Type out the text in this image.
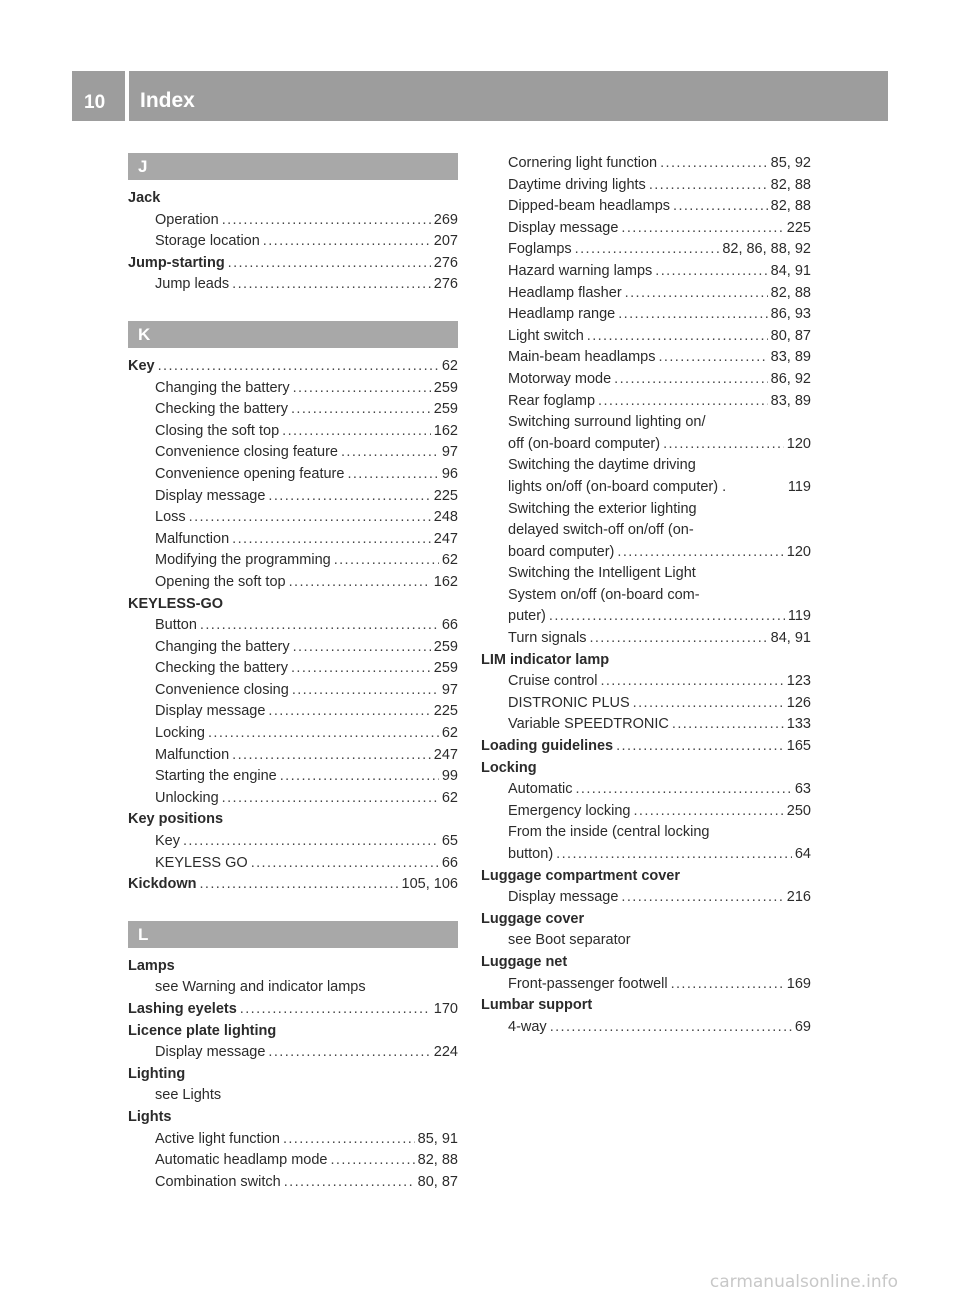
10 Index
J
Jack
Operation .....	269
Storage location .....	207
Jump-starting .....	276
Jump leads .....	276
K
Key .....	62
Changing the battery .....	259
Checking the battery .....	259
Closing the soft top .....	162
Convenience closing feature .....	97
Convenience opening feature .....	96
Display message .....	225
Loss .....	248
Malfunction .....	247
Modifying the programming .....	62
Opening the soft top .....	162
KEYLESS-GO
Button .....	66
Changing the battery .....	259
Checking the battery .....	259
Convenience closing .....	97
Display message .....	225
Locking .....	62
Malfunction .....	247
Starting the engine .....	99
Unlocking .....	62
Key positions
Key .....	65
KEYLESS GO .....	66
Kickdown .....	105, 106
L
Lamps
see Warning and indicator lamps
Lashing eyelets .....	170
Licence plate lighting
Display message .....	224
Lighting
see Lights
Lights
Active light function .....	85, 91
Automatic headlamp mode .....	82, 88
Combination switch .....	80, 87
Cornering light function .....	85, 92
Daytime driving lights .....	82, 88
Dipped-beam headlamps .....	82, 88
Display message .....	225
Foglamps .....	82, 86, 88, 92
Hazard warning lamps .....	84, 91
Headlamp flasher .....	82, 88
Headlamp range .....	86, 93
Light switch .....	80, 87
Main-beam headlamps .....	83, 89
Motorway mode .....	86, 92
Rear foglamp .....	83, 89
Switching surround lighting on/
off (on-board computer) .....	120
Switching the daytime driving
lights on/off (on-board computer) .	119
Switching the exterior lighting
delayed switch-off on/off (on-
board computer) .....	120
Switching the Intelligent Light
System on/off (on-board com-
puter) .....	119
Turn signals .....	84, 91
LIM indicator lamp
Cruise control .....	123
DISTRONIC PLUS .....	126
Variable SPEEDTRONIC .....	133
Loading guidelines .....	165
Locking
Automatic .....	63
Emergency locking .....	250
From the inside (central locking
button) .....	64
Luggage compartment cover
Display message .....	216
Luggage cover
see Boot separator
Luggage net
Front-passenger footwell .....	169
Lumbar support
4-way .....	69
carmanualsonline.info
